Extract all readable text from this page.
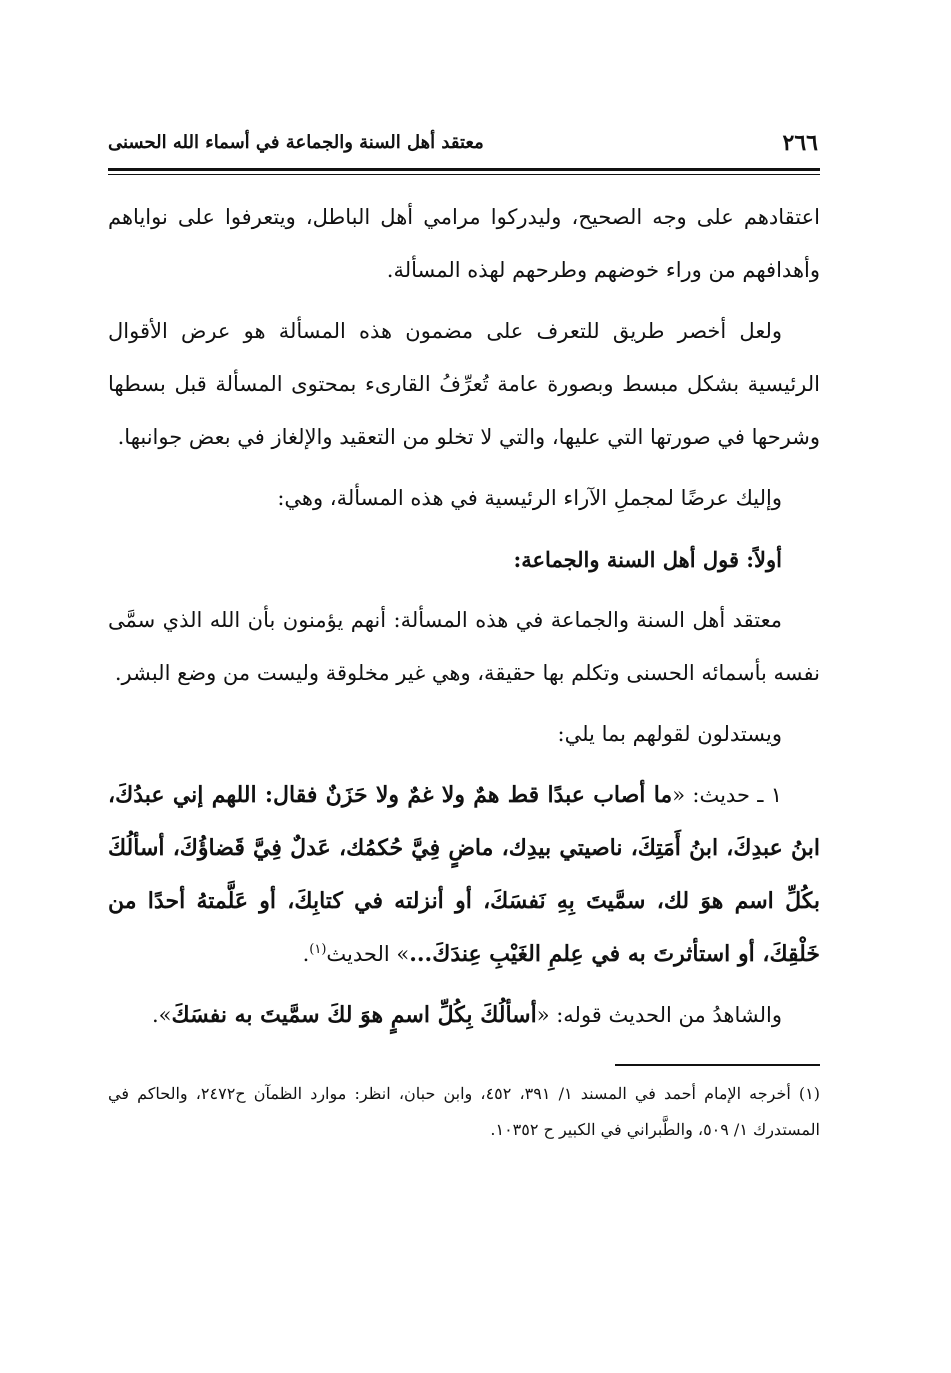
٢٦٦
معتقد أهل السنة والجماعة في أسماء الله الحسنى

اعتقادهم على وجه الصحيح، وليدركوا مرامي أهل الباطل، ويتعرفوا على نواياهم وأهدافهم من وراء خوضهم وطرحهم لهذه المسألة.

ولعل أخصر طريق للتعرف على مضمون هذه المسألة هو عرض الأقوال الرئيسية بشكل مبسط وبصورة عامة تُعرِّفُ القارىء بمحتوى المسألة قبل بسطها وشرحها في صورتها التي عليها، والتي لا تخلو من التعقيد والإلغاز في بعض جوانبها.

وإليك عرضًا لمجملِ الآراء الرئيسية في هذه المسألة، وهي:

أولاً: قول أهل السنة والجماعة:

معتقد أهل السنة والجماعة في هذه المسألة: أنهم يؤمنون بأن الله الذي سمَّى نفسه بأسمائه الحسنى وتكلم بها حقيقة، وهي غير مخلوقة وليست من وضع البشر.

ويستدلون لقولهم بما يلي:

١ ـ حديث: «ما أصاب عبدًا قط همٌ ولا غمٌ ولا حَزَنٌ فقال: اللهم إني عبدُكَ، ابنُ عبدِكَ، ابنُ أَمَتِكَ، ناصيتي بيدِك، ماضٍ فِيَّ حُكمُك، عَدلٌ فِيَّ قَضاؤُكَ، أسألُكَ بكُلِّ اسم هوَ لك، سمَّيتَ بِهِ نَفسَكَ، أو أنزلته في كتابِكَ، أو عَلَّمتهُ أحدًا من خَلْقِكَ، أو استأثرتَ به في عِلمِ الغَيْبِ عِندَكَ...» الحديث$^{(١)}$.

والشاهدُ من الحديث قوله: «أسألُكَ بِكُلِّ اسمٍ هوَ لكَ سمَّيتَ به نفسَكَ».

(١) أخرجه الإمام أحمد في المسند ١/ ٣٩١، ٤٥٢، وابن حبان، انظر: موارد الظمآن ح٢٤٧٢، والحاكم في المستدرك ١/ ٥٠٩، والطَّبراني في الكبير ح ١٠٣٥٢.
